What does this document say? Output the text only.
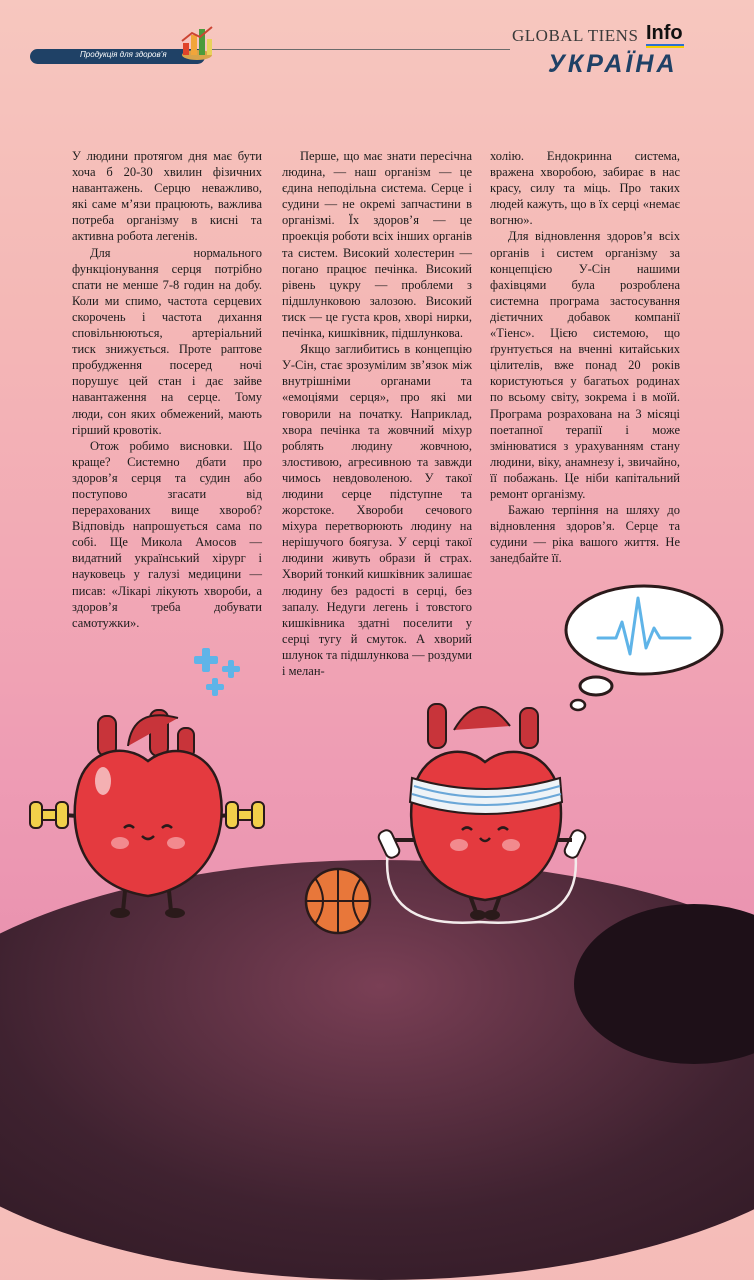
Продукція для здоров’я
GLOBAL TIENS Info
УКРАЇНА

У людини протягом дня має бути хоча б 20-30 хвилин фізичних навантажень. Серцю неважливо, які саме м’язи працюють, важлива потреба організму в кисні та активна робота легенів.

Для нормального функціонування серця потрібно спати не менше 7-8 годин на добу. Коли ми спимо, частота серцевих скорочень і частота дихання сповільнюються, артеріальний тиск знижується. Проте раптове пробудження посеред ночі порушує цей стан і дає зайве навантаження на серце. Тому люди, сон яких обмежений, мають гірший кровотік.

Отож робимо висновки. Що краще? Системно дбати про здоров’я серця та судин або поступово згасати від перерахованих вище хвороб? Відповідь напрошується сама по собі. Ще Микола Амосов — видатний український хірург і науковець у галузі медицини — писав: «Лікарі лікують хвороби, а здоров’я треба добувати самотужки».

Перше, що має знати пересічна людина, — наш організм — це єдина неподільна система. Серце і судини — не окремі запчастини в організмі. Їх здоров’я — це проекція роботи всіх інших органів та систем. Високий холестерин — погано працює печінка. Високий рівень цукру — проблеми з підшлунковою залозою. Високий тиск — це густа кров, хворі нирки, печінка, кишківник, підшлункова.

Якщо заглибитись в концепцію У-Сін, стає зрозумілим зв’язок між внутрішніми органами та «емоціями серця», про які ми говорили на початку. Наприклад, хвора печінка та жовчний міхур роблять людину жовчною, злостивою, агресивною та завжди чимось невдоволеною. У такої людини серце підступне та жорстоке. Хвороби сечового міхура перетворюють людину на нерішучого боягуза. У серці такої людини живуть образи й страх. Хворий тонкий кишківник залишає людину без радості в серці, без запалу. Недуги легень і товстого кишківника здатні поселити у серці тугу й смуток. А хворий шлунок та підшлункова — роздуми і мелан-

холію. Ендокринна система, вражена хворобою, забирає в нас красу, силу та міць. Про таких людей кажуть, що в їх серці «немає вогню».

Для відновлення здоров’я всіх органів і систем організму за концепцією У-Сін нашими фахівцями була розроблена системна програма застосування дієтичних добавок компанії «Тіенс». Цією системою, що ґрунтується на вченні китайських цілителів, вже понад 20 років користуються у багатьох родинах по всьому світу, зокрема і в моїй. Програма розрахована на 3 місяці поетапної терапії і може змінюватися з урахуванням стану людини, віку, анамнезу і, звичайно, її побажань. Це ніби капітальний ремонт організму.

Бажаю терпіння на шляху до відновлення здоров’я. Серце та судини — ріка вашого життя. Не занедбайте її.
